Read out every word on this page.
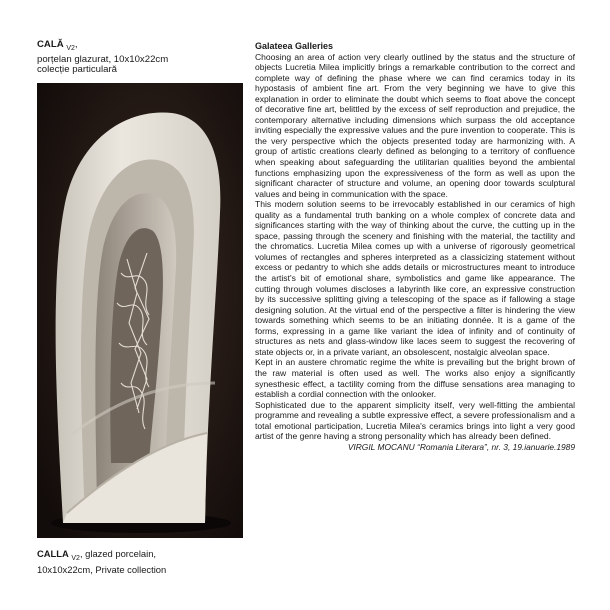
CALĂ $_{V2}$,
porțelan glazurat, 10x10x22cm
colecție particulară
CALLA $_{V2}$, glazed porcelain,
10x10x22cm, Private collection
Galateea Galleries

Choosing an area of action very clearly outlined by the status and the structure of objects Lucretia Milea implicitly brings a remarkable contribution to the correct and complete way of defining the phase where we can find ceramics today in its hypostasis of ambient fine art. From the very beginning we have to give this explanation in order to eliminate the doubt which seems to float above the concept of decorative fine art, belittled by the excess of self reproduction and prejudice, the contemporary alternative including dimensions which surpass the old acceptance inviting especially the expressive values and the pure invention to cooperate. This is the very perspective which the objects presented today are harmonizing with. A group of artistic creations clearly defined as belonging to a territory of confluence when speaking about safeguarding the utilitarian qualities beyond the ambiental functions emphasizing upon the expressiveness of the form as well as upon the significant character of structure and volume, an opening door towards sculptural values and being in communication with the space.

This modern solution seems to be irrevocably established in our ceramics of high quality as a fundamental truth banking on a whole complex of concrete data and significances starting with the way of thinking about the curve, the cutting up in the space, passing through the scenery and finishing with the material, the tactility and the chromatics. Lucretia Milea comes up with a universe of rigorously geometrical volumes of rectangles and spheres interpreted as a classicizing statement without excess or pedantry to which she adds details or microstructures meant to introduce the artist's bit of emotional share, symbolistics and game like appearance. The cutting through volumes discloses a labyrinth like core, an expressive construction by its successive splitting giving a telescoping of the space as if fallowing a stage designing solution. At the virtual end of the perspective a filter is hindering the view towards something which seems to be an initiating donnée. It is a game of the forms, expressing in a game like variant the idea of infinity and of continuity of structures as nets and glass-window like laces seem to suggest the recovering of state objects or, in a private variant, an obsolescent, nostalgic alveolan space.

Kept in an austere chromatic regime the white is prevailing but the bright brown of the raw material is often used as well. The works also enjoy a significantly synesthesic effect, a tactility coming from the diffuse sensations area managing to establish a cordial connection with the onlooker.

Sophisticated due to the apparent simplicity itself, very well-fitting the ambiental programme and revealing a subtle expressive effect, a severe professionalism and a total emotional participation, Lucretia Milea's ceramics brings into light a very good artist of the genre having a strong personality which has already been defined.

VIRGIL MOCANU “Romania Literara”, nr. 3, 19.ianuarie.1989
